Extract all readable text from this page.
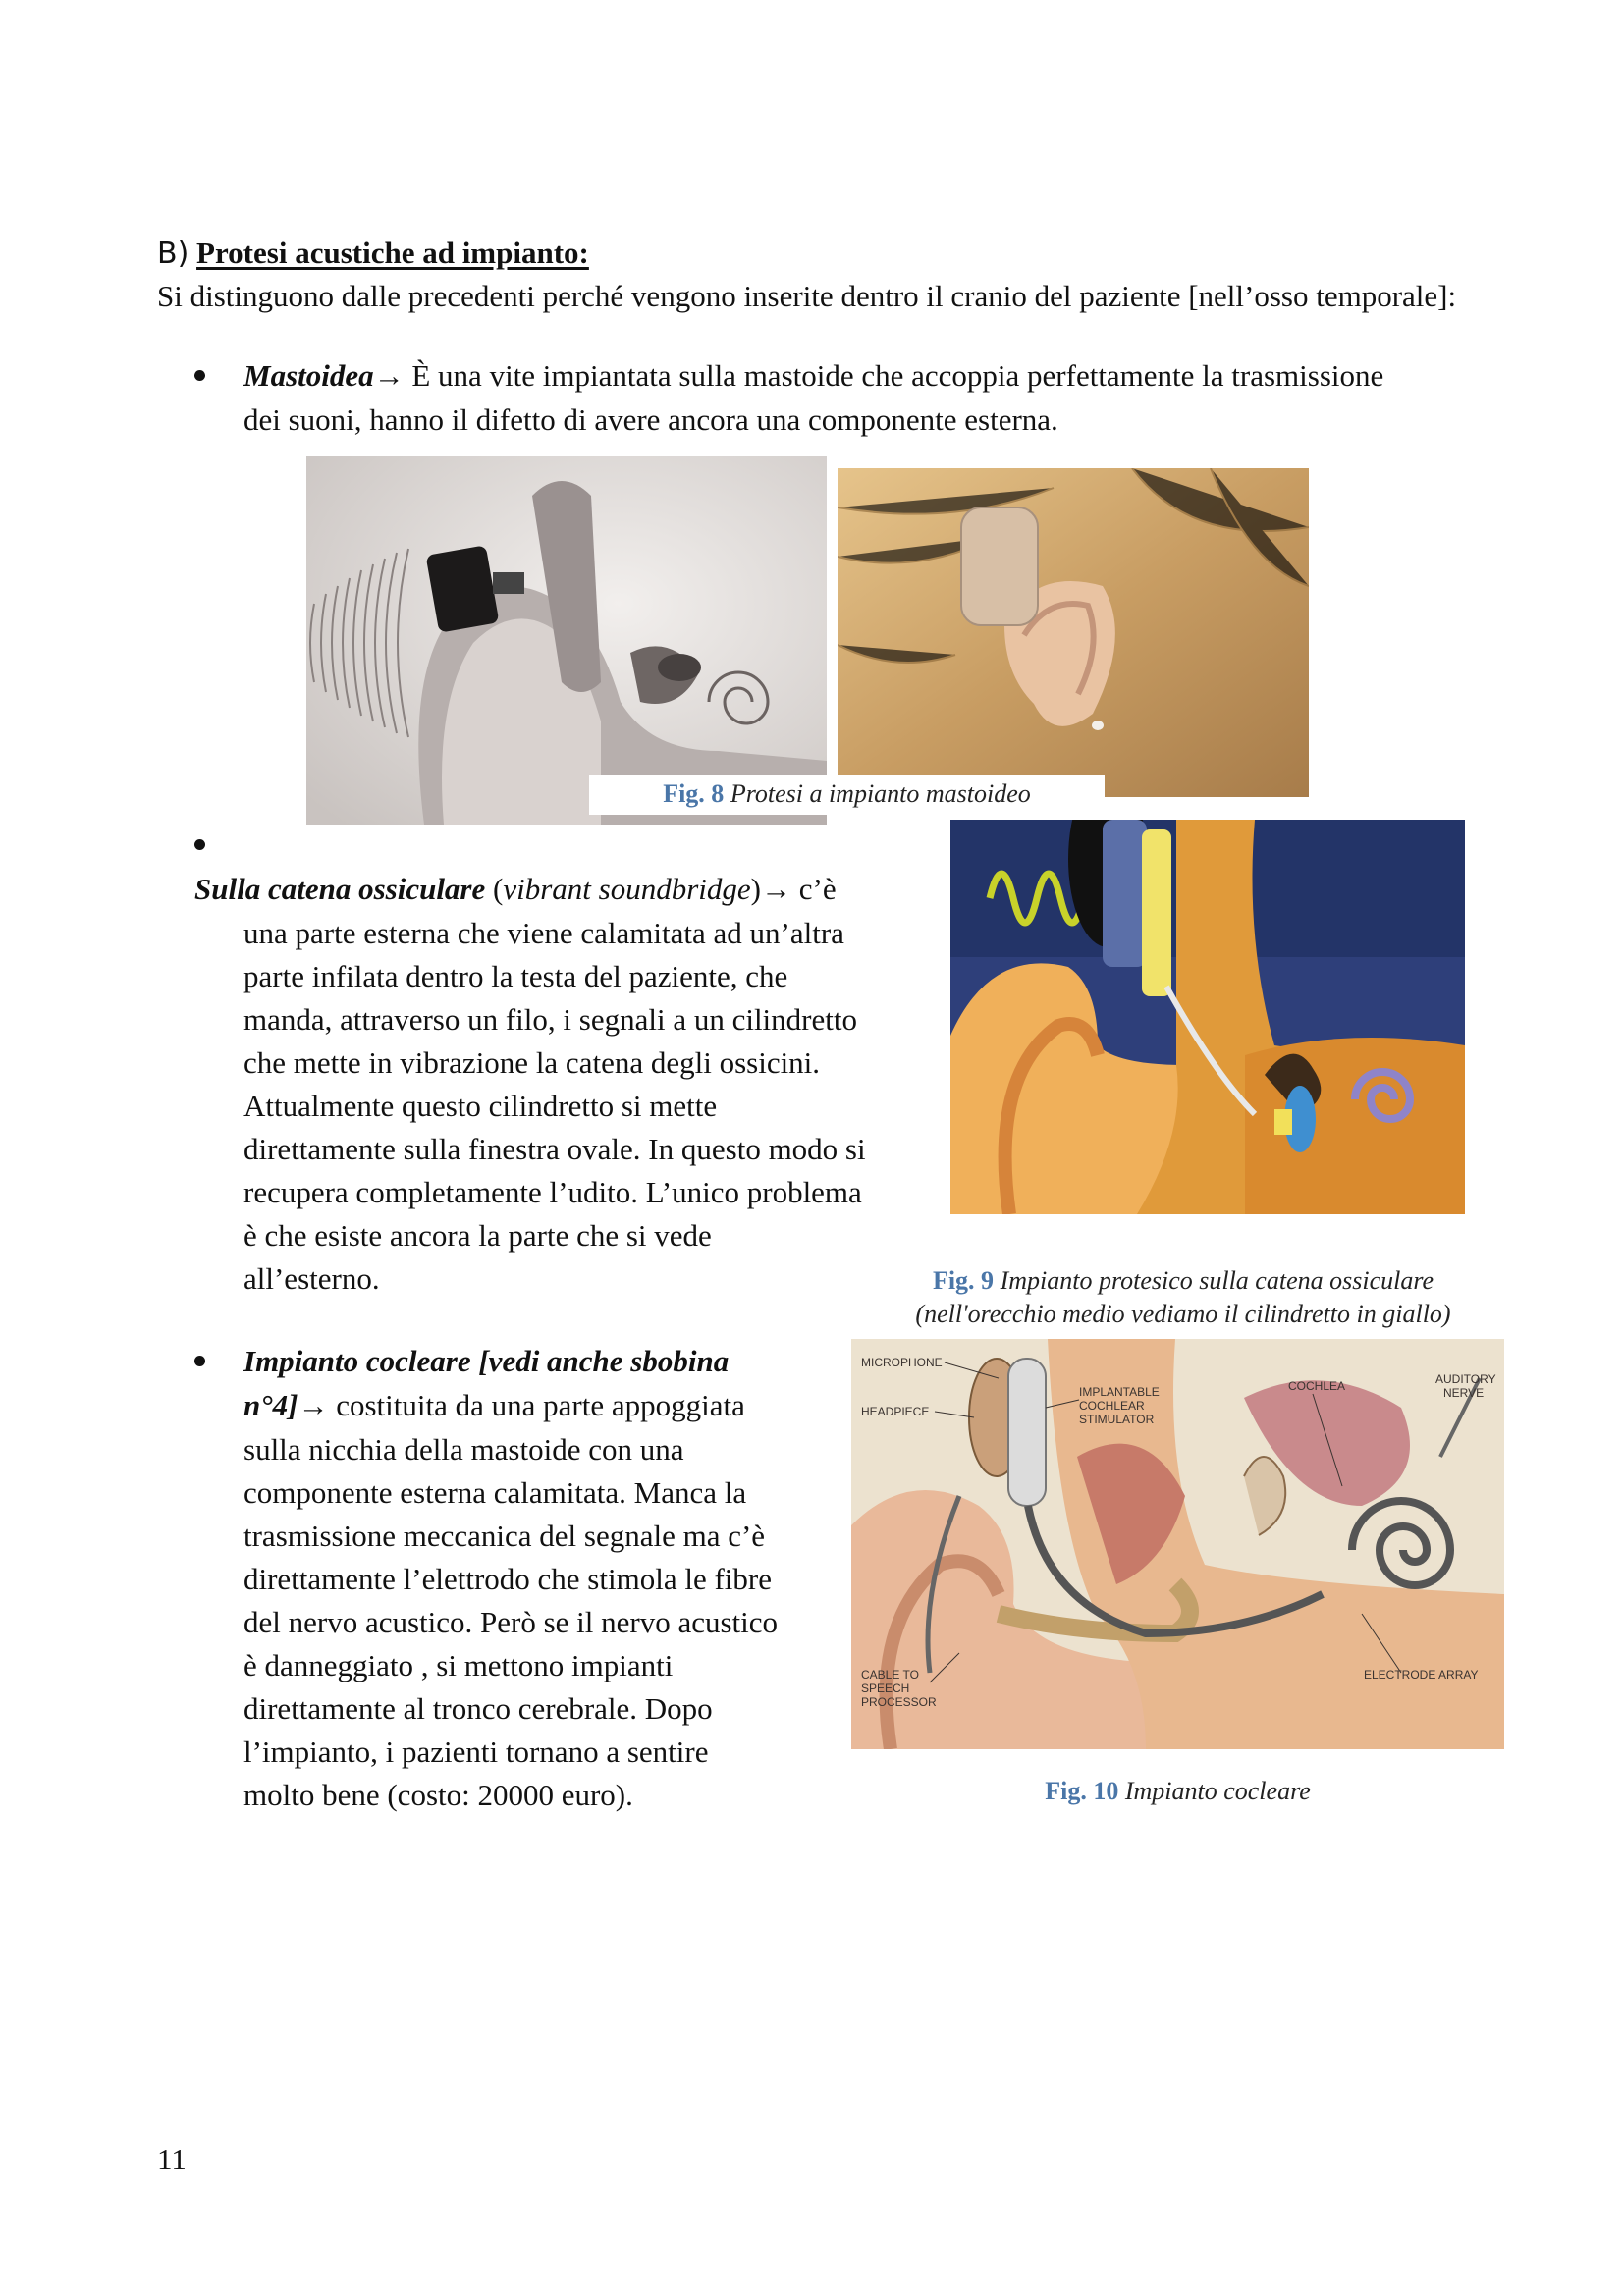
B) Protesi acustiche ad impianto:
Si distinguono dalle precedenti perché vengono inserite dentro il cranio del paziente [nell’osso temporale]:
Mastoidea→ È una vite impiantata sulla mastoide che accoppia perfettamente la trasmissione
dei suoni, hanno il difetto di avere ancora una componente esterna.
Fig. 8 Protesi a impianto mastoideo
Sulla catena ossiculare (vibrant soundbridge)→ c’è
una parte esterna che viene calamitata ad un’altra
parte infilata dentro la testa del paziente, che
manda, attraverso un filo, i segnali a un cilindretto
che mette in vibrazione la catena degli ossicini.
Attualmente questo cilindretto si mette
direttamente sulla finestra ovale. In questo modo si
recupera completamente l’udito. L’unico problema
è che esiste ancora la parte che si vede
all’esterno.	Fig. 9 Impianto protesico sulla catena ossiculare
(nell'orecchio medio vediamo il cilindretto in giallo)
Impianto cocleare [vedi anche sbobina
n°4]→ costituita da una parte appoggiata
sulla nicchia della mastoide con una
componente esterna calamitata. Manca la
trasmissione meccanica del segnale ma c’è
direttamente l’elettrodo che stimola le fibre
del nervo acustico. Però se il nervo acustico
è danneggiato , si mettono impianti
direttamente al tronco cerebrale. Dopo
l’impianto, i pazienti tornano a sentire
molto bene (costo: 20000 euro).
MICROPHONE
HEADPIECE
IMPLANTABLE
COCHLEAR
STIMULATOR
COCHLEA	AUDITORY
NERVE
CABLE TO
SPEECH
PROCESSOR
ELECTRODE ARRAY
Fig. 10 Impianto cocleare
11
